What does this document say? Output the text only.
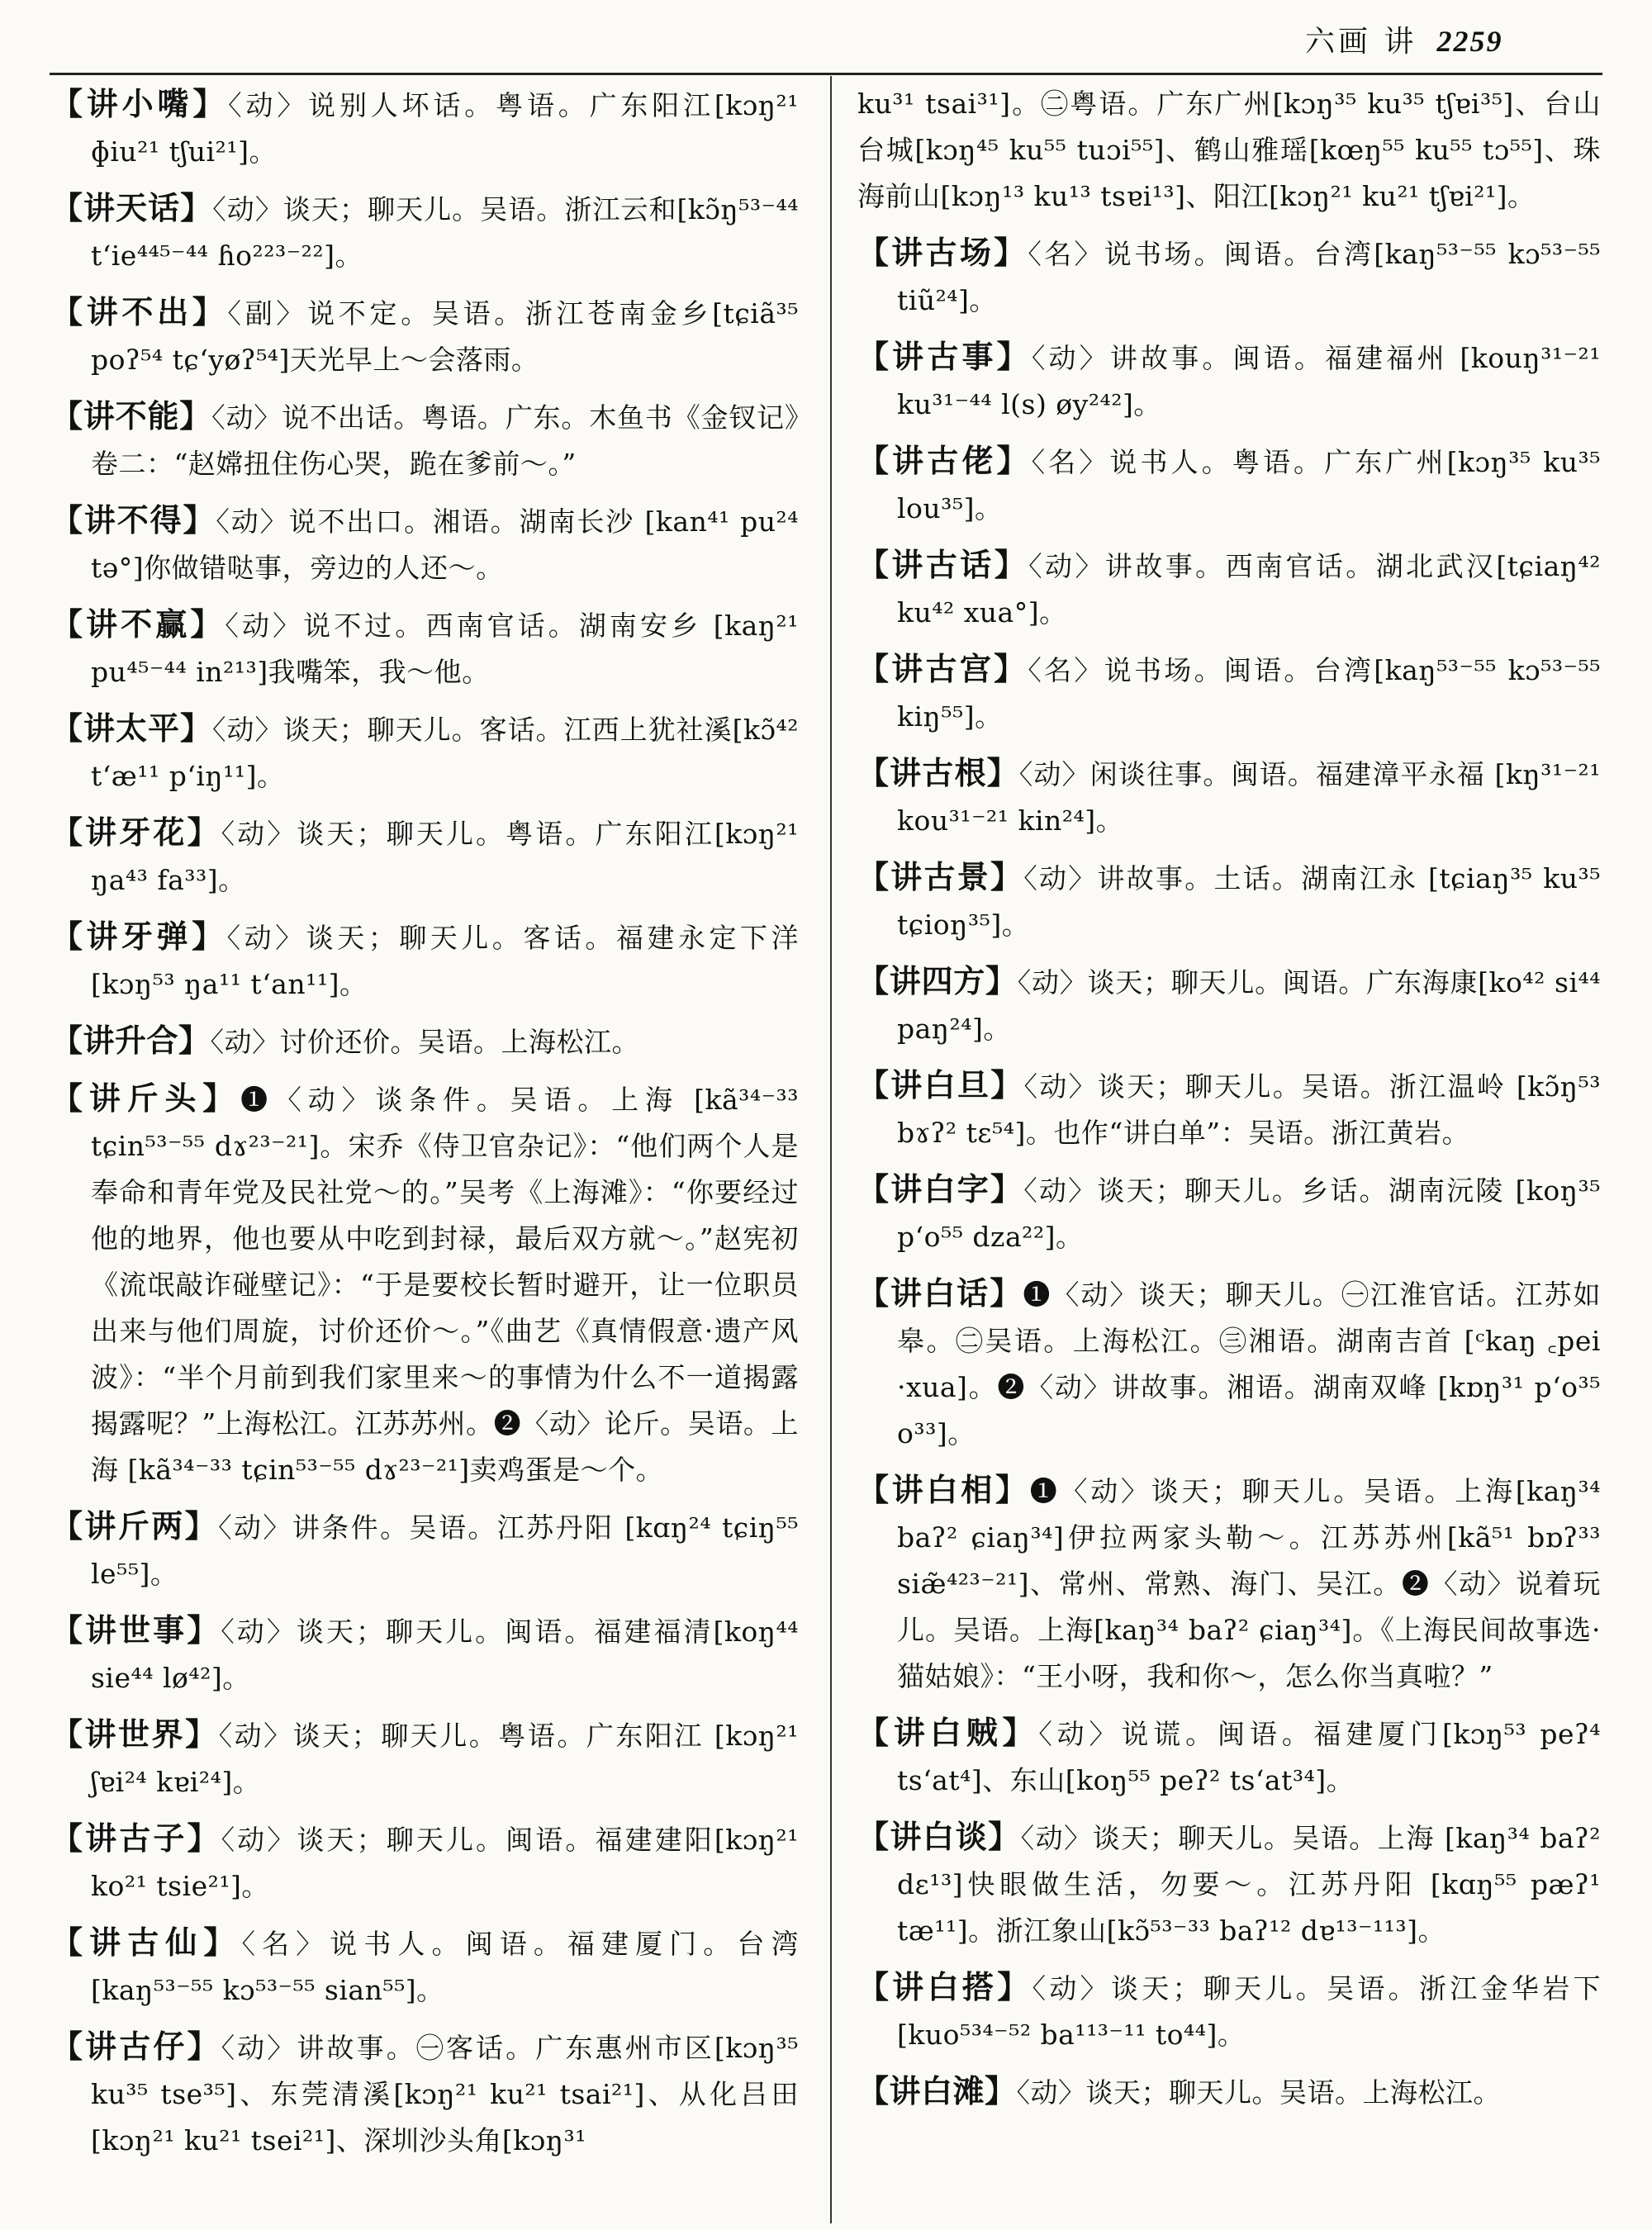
六画 讲 2259

【讲小嘴】〈动〉说别人坏话。粤语。广东阳江[kɔŋ²¹ ɸiu²¹ tʃui²¹]。

【讲天话】〈动〉谈天；聊天儿。吴语。浙江云和[kɔ̃ŋ⁵³⁻⁴⁴ t‘ie⁴⁴⁵⁻⁴⁴ ɦo²²³⁻²²]。

【讲不出】〈副〉说不定。吴语。浙江苍南金乡[tɕiã³⁵ poʔ⁵⁴ tɕ‘yøʔ⁵⁴]天光早上～会落雨。

【讲不能】〈动〉说不出话。粤语。广东。木鱼书《金钗记》卷二：“赵嫦扭住伤心哭，跪在爹前～。”

【讲不得】〈动〉说不出口。湘语。湖南长沙 [kan⁴¹ pu²⁴ tə°]你做错哒事，旁边的人还～。

【讲不赢】〈动〉说不过。西南官话。湖南安乡 [kaŋ²¹ pu⁴⁵⁻⁴⁴ in²¹³]我嘴笨，我～他。

【讲太平】〈动〉谈天；聊天儿。客话。江西上犹社溪[kɔ̃⁴² t‘æ¹¹ p‘iŋ¹¹]。

【讲牙花】〈动〉谈天；聊天儿。粤语。广东阳江[kɔŋ²¹ ŋa⁴³ fa³³]。

【讲牙弹】〈动〉谈天；聊天儿。客话。福建永定下洋[kɔŋ⁵³ ŋa¹¹ t‘an¹¹]。

【讲升合】〈动〉讨价还价。吴语。上海松江。

【讲斤头】❶〈动〉谈条件。吴语。上海 [kã³⁴⁻³³ tɕin⁵³⁻⁵⁵ dɤ²³⁻²¹]。宋乔《侍卫官杂记》：“他们两个人是奉命和青年党及民社党～的。”吴考《上海滩》：“你要经过他的地界，他也要从中吃到封禄，最后双方就～。”赵宪初《流氓敲诈碰壁记》：“于是要校长暂时避开，让一位职员出来与他们周旋，讨价还价～。”《曲艺《真情假意·遗产风波》：“半个月前到我们家里来～的事情为什么不一道揭露揭露呢？”上海松江。江苏苏州。❷〈动〉论斤。吴语。上海 [kã³⁴⁻³³ tɕin⁵³⁻⁵⁵ dɤ²³⁻²¹]卖鸡蛋是～个。

【讲斤两】〈动〉讲条件。吴语。江苏丹阳 [kɑŋ²⁴ tɕiŋ⁵⁵ le⁵⁵]。

【讲世事】〈动〉谈天；聊天儿。闽语。福建福清[koŋ⁴⁴ sie⁴⁴ lø⁴²]。

【讲世界】〈动〉谈天；聊天儿。粤语。广东阳江 [kɔŋ²¹ ʃɐi²⁴ kɐi²⁴]。

【讲古子】〈动〉谈天；聊天儿。闽语。福建建阳[kɔŋ²¹ ko²¹ tsie²¹]。

【讲古仙】〈名〉说书人。闽语。福建厦门。台湾 [kaŋ⁵³⁻⁵⁵ kɔ⁵³⁻⁵⁵ sian⁵⁵]。

【讲古仔】〈动〉讲故事。㊀客话。广东惠州市区[kɔŋ³⁵ ku³⁵ tse³⁵]、东莞清溪[kɔŋ²¹ ku²¹ tsai²¹]、从化吕田 [kɔŋ²¹ ku²¹ tsei²¹]、深圳沙头角[kɔŋ³¹

ku³¹ tsai³¹]。㊁粤语。广东广州[kɔŋ³⁵ ku³⁵ tʃɐi³⁵]、台山台城[kɔŋ⁴⁵ ku⁵⁵ tuɔi⁵⁵]、鹤山雅瑶[kœŋ⁵⁵ ku⁵⁵ tɔ⁵⁵]、珠海前山[kɔŋ¹³ ku¹³ tsɐi¹³]、阳江[kɔŋ²¹ ku²¹ tʃɐi²¹]。

【讲古场】〈名〉说书场。闽语。台湾[kaŋ⁵³⁻⁵⁵ kɔ⁵³⁻⁵⁵ tiũ²⁴]。

【讲古事】〈动〉讲故事。闽语。福建福州 [kouŋ³¹⁻²¹ ku³¹⁻⁴⁴ l(s) øy²⁴²]。

【讲古佬】〈名〉说书人。粤语。广东广州[kɔŋ³⁵ ku³⁵ lou³⁵]。

【讲古话】〈动〉讲故事。西南官话。湖北武汉[tɕiaŋ⁴² ku⁴² xua°]。

【讲古宫】〈名〉说书场。闽语。台湾[kaŋ⁵³⁻⁵⁵ kɔ⁵³⁻⁵⁵ kiŋ⁵⁵]。

【讲古根】〈动〉闲谈往事。闽语。福建漳平永福 [kŋ³¹⁻²¹ kou³¹⁻²¹ kin²⁴]。

【讲古景】〈动〉讲故事。土话。湖南江永 [tɕiaŋ³⁵ ku³⁵ tɕioŋ³⁵]。

【讲四方】〈动〉谈天；聊天儿。闽语。广东海康[ko⁴² si⁴⁴ paŋ²⁴]。

【讲白旦】〈动〉谈天；聊天儿。吴语。浙江温岭 [kɔ̃ŋ⁵³ bɤʔ² tɛ⁵⁴]。也作“讲白单”：吴语。浙江黄岩。

【讲白字】〈动〉谈天；聊天儿。乡话。湖南沅陵 [koŋ³⁵ p‘o⁵⁵ dza²²]。

【讲白话】❶〈动〉谈天；聊天儿。㊀江淮官话。江苏如皋。㊁吴语。上海松江。㊂湘语。湖南吉首 [ᶜkaŋ ꜀pei ·xua]。❷〈动〉讲故事。湘语。湖南双峰 [kɒŋ³¹ p‘o³⁵ o³³]。

【讲白相】❶〈动〉谈天；聊天儿。吴语。上海[kaŋ³⁴ baʔ² ɕiaŋ³⁴]伊拉两家头勒～。江苏苏州[kã⁵¹ bɒʔ³³ siæ̃⁴²³⁻²¹]、常州、常熟、海门、吴江。❷〈动〉说着玩儿。吴语。上海[kaŋ³⁴ baʔ² ɕiaŋ³⁴]。《上海民间故事选·猫姑娘》：“王小呀，我和你～，怎么你当真啦？”

【讲白贼】〈动〉说谎。闽语。福建厦门[kɔŋ⁵³ peʔ⁴ ts‘at⁴]、东山[koŋ⁵⁵ peʔ² ts‘at³⁴]。

【讲白谈】〈动〉谈天；聊天儿。吴语。上海 [kaŋ³⁴ baʔ² dɛ¹³]快眼做生活，勿要～。江苏丹阳 [kɑŋ⁵⁵ pæʔ¹ tæ¹¹]。浙江象山[kɔ̃⁵³⁻³³ baʔ¹² dɐ¹³⁻¹¹³]。

【讲白搭】〈动〉谈天；聊天儿。吴语。浙江金华岩下 [kuo⁵³⁴⁻⁵² ba¹¹³⁻¹¹ to⁴⁴]。

【讲白滩】〈动〉谈天；聊天儿。吴语。上海松江。
